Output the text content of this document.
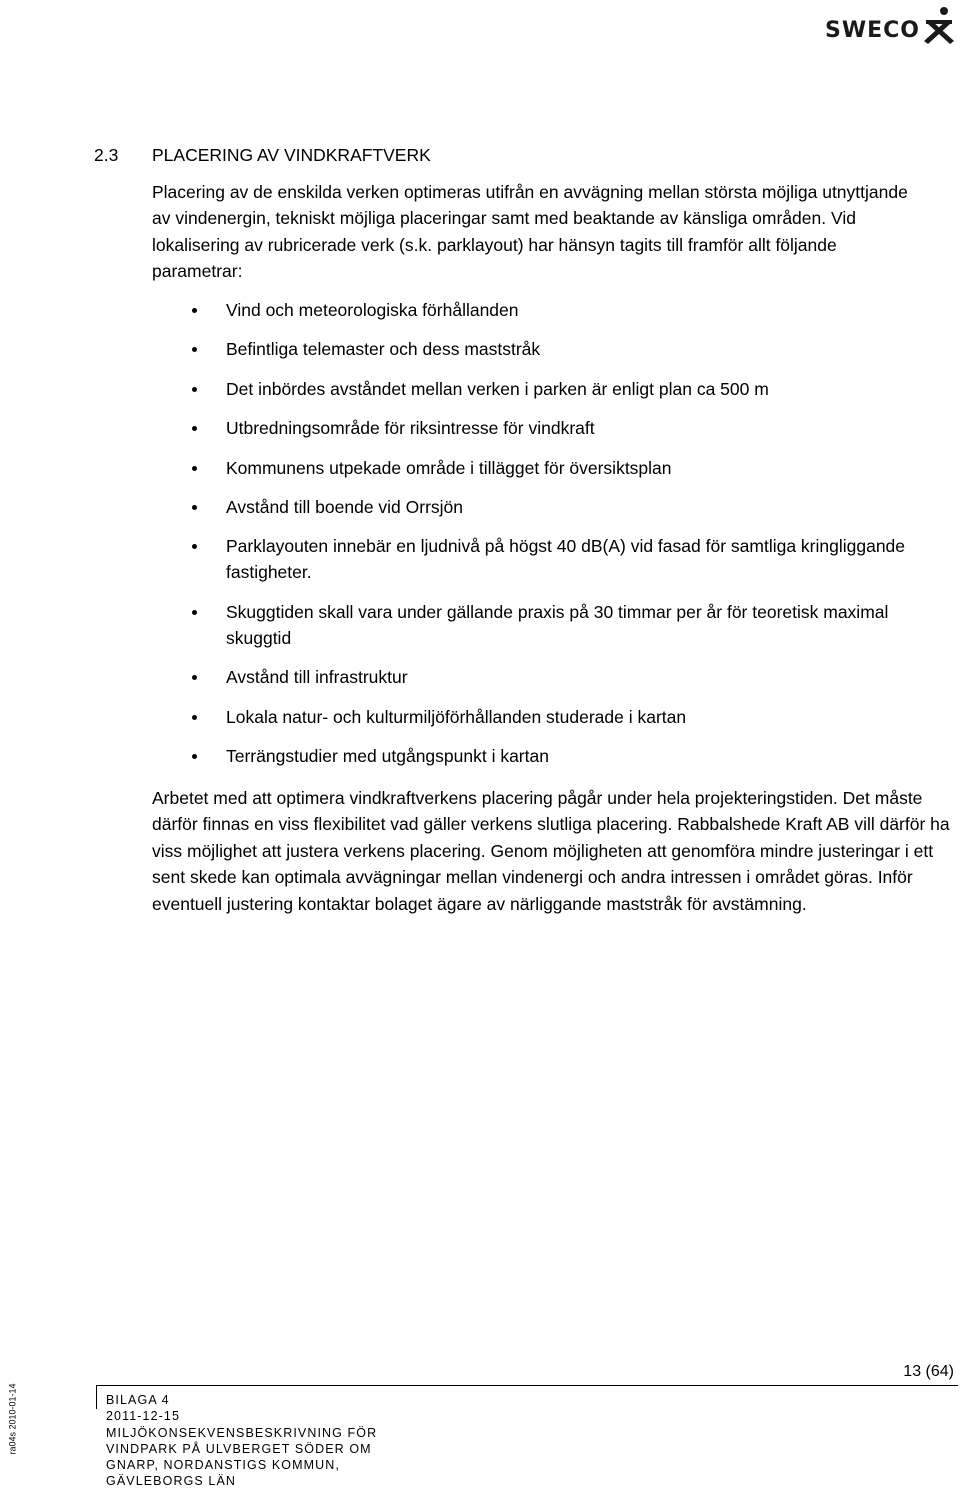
SWECO
2.3 PLACERING AV VINDKRAFTVERK

Placering av de enskilda verken optimeras utifrån en avvägning mellan största möjliga utnyttjande av vindenergin, tekniskt möjliga placeringar samt med beaktande av känsliga områden. Vid lokalisering av rubricerade verk (s.k. parklayout) har hänsyn tagits till framför allt följande parametrar:

Vind och meteorologiska förhållanden
Befintliga telemaster och dess maststråk
Det inbördes avståndet mellan verken i parken är enligt plan ca 500 m
Utbredningsområde för riksintresse för vindkraft
Kommunens utpekade område i tillägget för översiktsplan
Avstånd till boende vid Orrsjön
Parklayouten innebär en ljudnivå på högst 40 dB(A) vid fasad för samtliga kringliggande fastigheter.
Skuggtiden skall vara under gällande praxis på 30 timmar per år för teoretisk maximal skuggtid
Avstånd till infrastruktur
Lokala natur- och kulturmiljöförhållanden studerade i kartan
Terrängstudier med utgångspunkt i kartan

Arbetet med att optimera vindkraftverkens placering pågår under hela projekteringstiden. Det måste därför finnas en viss flexibilitet vad gäller verkens slutliga placering. Rabbalshede Kraft AB vill därför ha viss möjlighet att justera verkens placering. Genom möjligheten att genomföra mindre justeringar i ett sent skede kan optimala avvägningar mellan vindenergi och andra intressen i området göras. Inför eventuell justering kontaktar bolaget ägare av närliggande maststråk för avstämning.

13 (64)
BILAGA 4
2011-12-15
MILJÖKONSEKVENSBESKRIVNING FÖR
VINDPARK PÅ ULVBERGET SÖDER OM
GNARP, NORDANSTIGS KOMMUN,
GÄVLEBORGS LÄN
ra04s 2010-01-14
